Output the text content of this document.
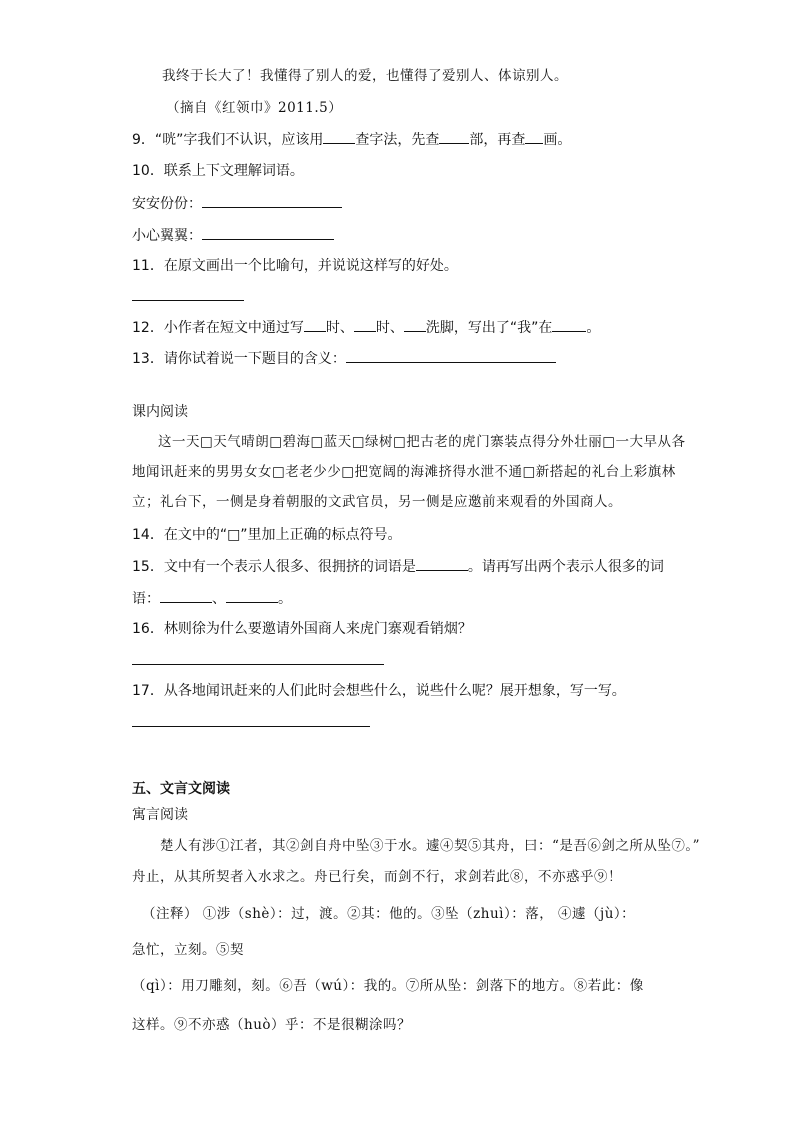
我终于长大了！我懂得了别人的爱，也懂得了爱别人、体谅别人。
（摘自《红领巾》2011.5）
9．“咣”字我们不认识，应该用 查字法，先查 部，再查 画。
10．联系上下文理解词语。
安安份份：
小心翼翼：
11．在原文画出一个比喻句，并说说这样写的好处。
12．小作者在短文中通过写 时、 时、 洗脚，写出了“我”在 。
13．请你试着说一下题目的含义：
课内阅读
这一天□天气晴朗□碧海□蓝天□绿树□把古老的虎门寨装点得分外壮丽□一大早从各
地闻讯赶来的男男女女□老老少少□把宽阔的海滩挤得水泄不通□新搭起的礼台上彩旗林
立；礼台下，一侧是身着朝服的文武官员，另一侧是应邀前来观看的外国商人。
14．在文中的“□”里加上正确的标点符号。
15．文中有一个表示人很多、很拥挤的词语是	。请再写出两个表示人很多的词
语：	、	。
16．林则徐为什么要邀请外国商人来虎门寨观看销烟？
17．从各地闻讯赶来的人们此时会想些什么，说些什么呢？展开想象，写一写。
五、文言文阅读
寓言阅读
楚人有涉①江者，其②剑自舟中坠③于水。遽④契⑤其舟，曰：“是吾⑥剑之所从坠⑦。”
舟止，从其所契者入水求之。舟已行矣，而剑不行，求剑若此⑧，不亦惑乎⑨！
（注释） ①涉（shè）：过，渡。②其：他的。③坠（zhuì）：落， ④遽（jù）：
急忙，立刻。⑤契
（qì）：用刀雕刻，刻。⑥吾（wú）：我的。⑦所从坠：剑落下的地方。⑧若此：像
这样。⑨不亦惑（huò）乎：不是很糊涂吗？
